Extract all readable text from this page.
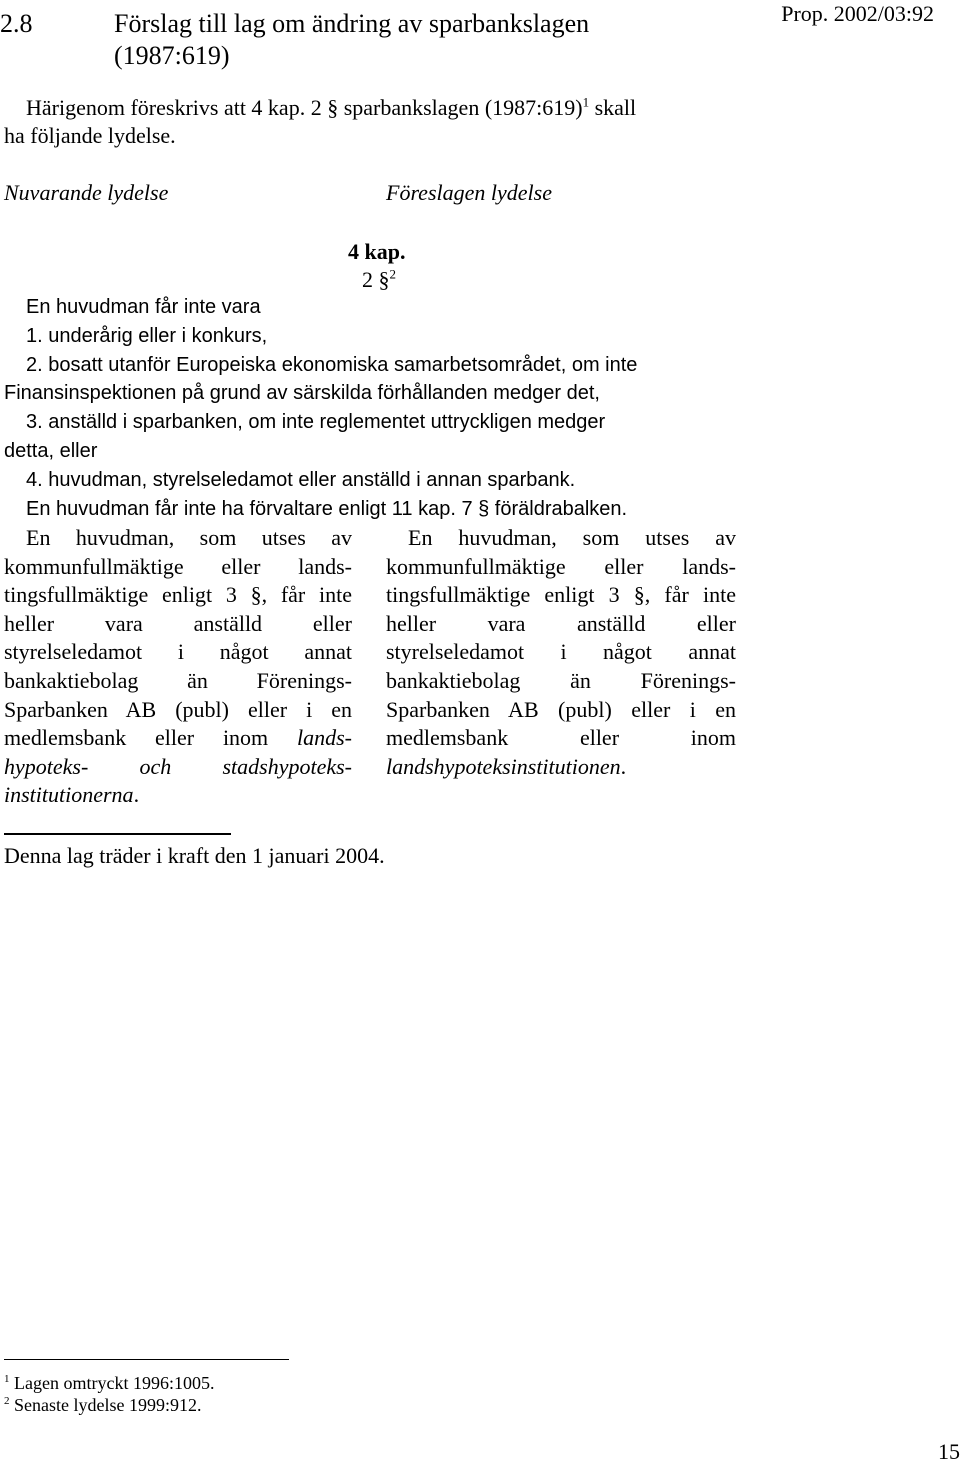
2.8	Förslag till lag om ändring av sparbankslagen
(1987:619)
Prop. 2002/03:92
Härigenom föreskrivs att 4 kap. 2 § sparbankslagen (1987:619)$^1$ skall
ha följande lydelse.
Nuvarande lydelse	Föreslagen lydelse
4 kap.
2 §$^2$
En huvudman får inte vara
1. underårig eller i konkurs,
2. bosatt utanför Europeiska ekonomiska samarbetsområdet, om inte
Finansinspektionen på grund av särskilda förhållanden medger det,
3. anställd i sparbanken, om inte reglementet uttryckligen medger
detta, eller
4. huvudman, styrelseledamot eller anställd i annan sparbank.
En huvudman får inte ha förvaltare enligt 11 kap. 7 § föräldrabalken.
En huvudman, som utses av kommunfullmäktige eller lands-tingsfullmäktige enligt 3 §, får inte heller vara anställd eller styrelseledamot i något annat bankaktiebolag än Förenings-Sparbanken AB (publ) eller i en medlemsbank eller inom lands-hypoteks- och stadshypoteks-institutionerna.
En huvudman, som utses av kommunfullmäktige eller lands-tingsfullmäktige enligt 3 §, får inte heller vara anställd eller styrelseledamot i något annat bankaktiebolag än Förenings-Sparbanken AB (publ) eller i en medlemsbank eller inom landshypoteksinstitutionen.
Denna lag träder i kraft den 1 januari 2004.
$^1$ Lagen omtryckt 1996:1005.
$^2$ Senaste lydelse 1999:912.
15
